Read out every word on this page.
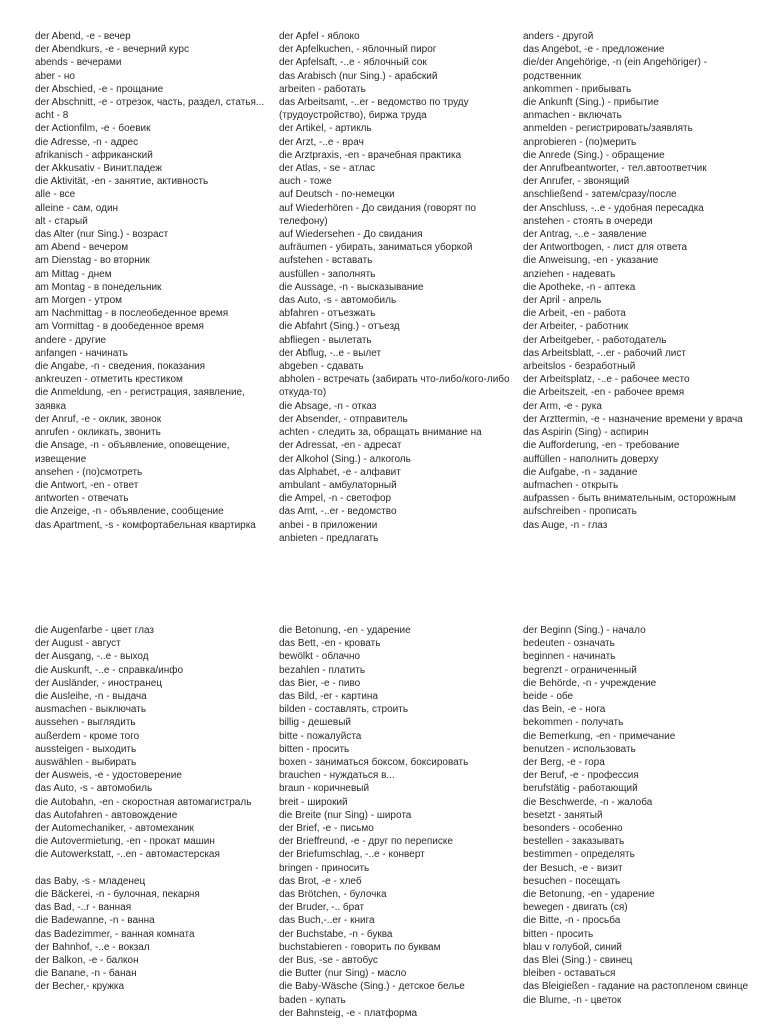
der Abend, -e - вечер

der Abendkurs, -e - вечерний курс

abends - вечерами

aber - но

der Abschied, -e - прощание

der Abschnitt, -e - отрезок, часть, раздел, статья...

acht - 8

der Actionfilm, -e - боевик

die Adresse, -n - адрес

afrikanisch - африканский

der Akkusativ - Винит.падеж

die Aktivität, -en - занятие, активность

alle - все

alleine - сам, один

alt - старый

das Alter (nur Sing.) - возраст

am Abend - вечером

am Dienstag - во вторник

am Mittag - днем

am Montag - в понедельник

am Morgen - утром

am Nachmittag - в послеобеденное время

am Vormittag - в дообеденное время

andere - другие

anfangen - начинать

die Angabe, -n - сведения, показания

ankreuzen - отметить крестиком

die Anmeldung, -en - регистрация, заявление, заявка

der Anruf, -e - оклик, звонок

anrufen - окликать, звонить

die Ansage, -n - объявление, оповещение, извещение

ansehen - (по)смотреть

die Antwort, -en - ответ

antworten - отвечать

die Anzeige, -n - объявление, сообщение

das Apartment, -s - комфортабельная квартирка

der Apfel - яблоко

der Apfelkuchen, - яблочный пирог

der Apfelsaft, -..e - яблочный сок

das Arabisch (nur Sing.) - арабский

arbeiten - работать

das Arbeitsamt, -..er - ведомство по труду (трудоустройство), биржа труда

der Artikel, - артикль

der Arzt, -..e - врач

die Arztpraxis, -en - врачебная практика

der Atlas, - se - атлас

auch - тоже

auf Deutsch - по-немецки

auf Wiederhören - До свидания (говорят по телефону)

auf Wiedersehen - До свидания

aufräumen - убирать, заниматься уборкой

aufstehen - вставать

ausfüllen - заполнять

die Aussage, -n - высказывание

das Auto, -s - автомобиль

abfahren - отъезжать

die Abfahrt (Sing.) - отъезд

abfliegen - вылетать

der Abflug, -..e - вылет

abgeben - сдавать

abholen - встречать (забирать что-либо/кого-либо откуда-то)

die Absage, -n - отказ

der Absender, - отправитель

achten - следить за, обращать внимание на

der Adressat, -en - адресат

der Alkohol (Sing.) - алкоголь

das Alphabet, -e - алфавит

ambulant - амбулаторный

die Ampel, -n - светофор

das Amt, -..er - ведомство

anbei - в приложении

anbieten - предлагать

anders - другой

das Angebot, -e - предложение

die/der Angehörige, -n (ein Angehöriger) - родственник

ankommen - прибывать

die Ankunft (Sing.) - прибытие

anmachen - включать

anmelden - регистрировать/заявлять

anprobieren - (по)мерить

die Anrede (Sing.) - обращение

der Anrufbeantworter, - тел.автоответчик

der Anrufer, - звонящий

anschließend - затем/сразу/после

der Anschluss, -..e - удобная пересадка

anstehen - стоять в очереди

der Antrag, -..e - заявление

der Antwortbogen, - лист для ответа

die Anweisung, -en - указание

anziehen - надевать

die Apotheke, -n - аптека

der April - апрель

die Arbeit, -en - работа

der Arbeiter, - работник

der Arbeitgeber, - работодатель

das Arbeitsblatt, -..er - рабочий лист

arbeitslos - безработный

der Arbeitsplatz, -..e - рабочее место

die Arbeitszeit, -en - рабочее время

der Arm, -e - рука

der Arzttermin, -e - назначение времени у врача

das Aspirin (Sing) - аспирин

die Aufforderung, -en - требование

auffüllen - наполнить доверху

die Aufgabe, -n - задание

aufmachen - открыть

aufpassen - быть внимательным, осторожным

aufschreiben - прописать

das Auge, -n - глаз

die Augenfarbe - цвет глаз

der August - август

der Ausgang, -..e - выход

die Auskunft, -..e - справка/инфо

der Ausländer, - иностранец

die Ausleihe, -n - выдача

ausmachen - выключать

aussehen - выглядить

außerdem - кроме того

aussteigen - выходить

auswählen - выбирать

der Ausweis, -e - удостоверение

das Auto, -s - автомобиль

die Autobahn, -en - скоростная автомагистраль

das Autofahren - автовождение

der Automechaniker, - автомеханик

die Autovermietung, -en - прокат машин

die Autowerkstatt, -..en - автомастерская

das Baby, -s - младенец

die Bäckerei, -n - булочная, пекарня

das Bad, -..r - ванная

die Badewanne, -n - ванна

das Badezimmer, - ванная комната

der Bahnhof, -..e - вокзал

der Balkon, -e - балкон

die Banane, -n - банан

der Becher,- кружка

die Betonung, -en - ударение

das Bett, -en - кровать

bewölkt - облачно

bezahlen - платить

das Bier, -e - пиво

das Bild, -er - картина

bilden - составлять, строить

billig - дешевый

bitte - пожалуйста

bitten - просить

boxen - заниматься боксом, боксировать

brauchen - нуждаться в...

braun - коричневый

breit - широкий

die Breite (nur Sing) - широта

der Brief, -e - письмо

der Brieffreund, -e - друг по переписке

der Briefumschlag, -..e - конверт

bringen - приносить

das Brot, -e - хлеб

das Brötchen, - булочка

der Bruder, -.. брат

das Buch,-..er - книга

der Buchstabe, -n - буква

buchstabieren - говорить по буквам

der Bus, -se - автобус

die Butter (nur Sing) - масло

die Baby-Wäsche (Sing.) - детское белье

baden - купать

der Bahnsteig, -e - платформа

der Beginn (Sing.) - начало

bedeuten - означать

beginnen - начинать

begrenzt - ограниченный

die Behörde, -n - учреждение

beide - обе

das Bein, -e - нога

bekommen - получать

die Bemerkung, -en - примечание

benutzen - использовать

der Berg, -e - гора

der Beruf, -e - профессия

berufstätig - работающий

die Beschwerde, -n - жалоба

besetzt - занятый

besonders - особенно

bestellen - заказывать

bestimmen - определять

der Besuch, -e - визит

besuchen - посещать

die Betonung, -en - ударение

bewegen - двигать (ся)

die Bitte, -n - просьба

bitten - просить

blau v голубой, синий

das Blei (Sing.) - свинец

bleiben - оставаться

das Bleigießen - гадание на растопленом свинце

die Blume, -n - цветок
